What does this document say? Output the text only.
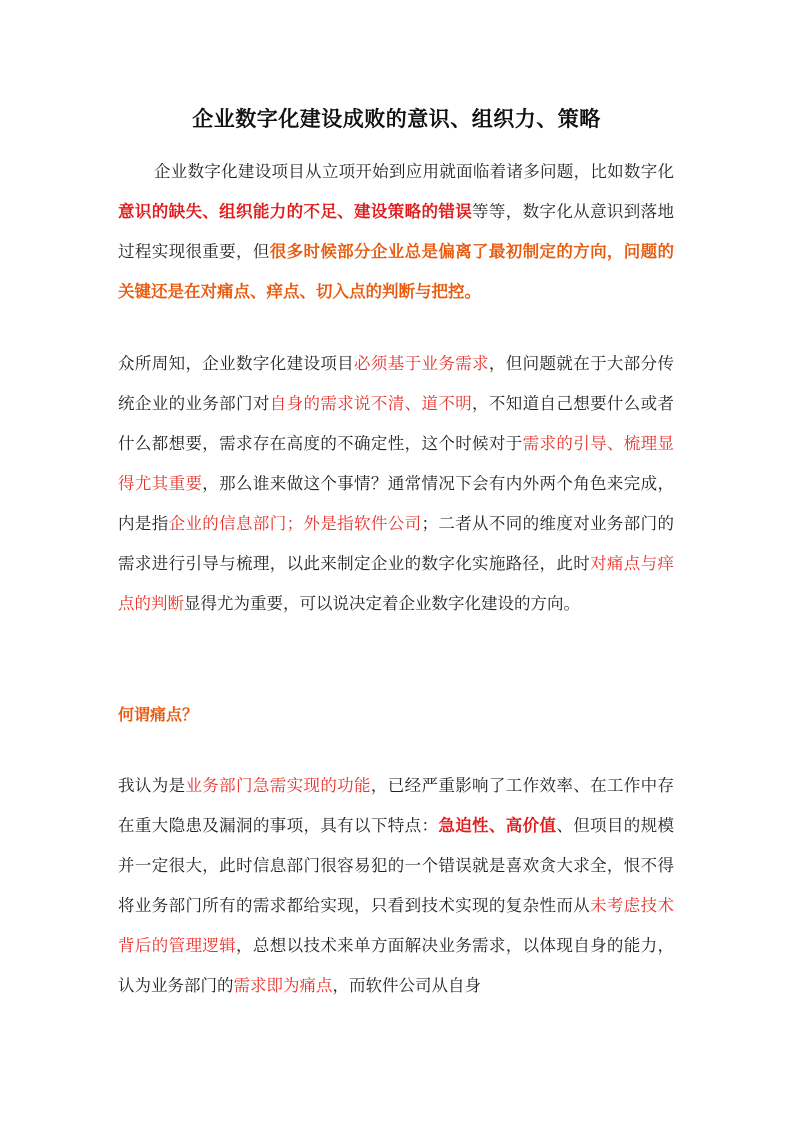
企业数字化建设成败的意识、组织力、策略

企业数字化建设项目从立项开始到应用就面临着诸多问题，比如数字化意识的缺失、组织能力的不足、建设策略的错误等等，数字化从意识到落地过程实现很重要，但很多时候部分企业总是偏离了最初制定的方向，问题的关键还是在对痛点、痒点、切入点的判断与把控。

众所周知，企业数字化建设项目必须基于业务需求，但问题就在于大部分传统企业的业务部门对自身的需求说不清、道不明，不知道自己想要什么或者什么都想要，需求存在高度的不确定性，这个时候对于需求的引导、梳理显得尤其重要，那么谁来做这个事情？通常情况下会有内外两个角色来完成，内是指企业的信息部门；外是指软件公司；二者从不同的维度对业务部门的需求进行引导与梳理，以此来制定企业的数字化实施路径，此时对痛点与痒点的判断显得尤为重要，可以说决定着企业数字化建设的方向。

何谓痛点？

我认为是业务部门急需实现的功能，已经严重影响了工作效率、在工作中存在重大隐患及漏洞的事项，具有以下特点：急迫性、高价值、但项目的规模并一定很大，此时信息部门很容易犯的一个错误就是喜欢贪大求全，恨不得将业务部门所有的需求都给实现，只看到技术实现的复杂性而从未考虑技术背后的管理逻辑，总想以技术来单方面解决业务需求，以体现自身的能力，认为业务部门的需求即为痛点，而软件公司从自身
